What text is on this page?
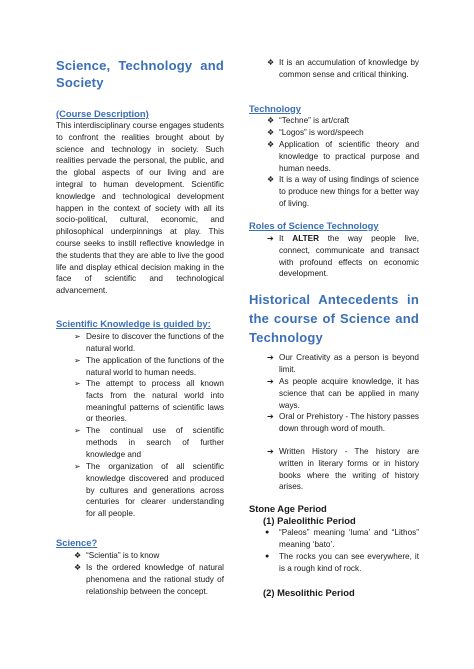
Science, Technology and Society
(Course Description)
This interdisciplinary course engages students to confront the realities brought about by science and technology in society. Such realities pervade the personal, the public, and the global aspects of our living and are integral to human development. Scientific knowledge and technological development happen in the context of society with all its socio-political, cultural, economic, and philosophical underpinnings at play. This course seeks to instill reflective knowledge in the students that they are able to live the good life and display ethical decision making in the face of scientific and technological advancement.
Scientific Knowledge is guided by:
➢ Desire to discover the functions of the natural world.
➢ The application of the functions of the natural world to human needs.
➢ The attempt to process all known facts from the natural world into meaningful patterns of scientific laws or theories.
➢ The continual use of scientific methods in search of further knowledge and
➢ The organization of all scientific knowledge discovered and produced by cultures and generations across centuries for clearer understanding for all people.
Science?
❖ “Scientia” is to know
❖ Is the ordered knowledge of natural phenomena and the rational study of relationship between the concept.
❖ It is an accumulation of knowledge by common sense and critical thinking.
Technology
❖ “Techne” is art/craft
❖ “Logos” is word/speech
❖ Application of scientific theory and knowledge to practical purpose and human needs.
❖ It is a way of using findings of science to produce new things for a better way of living.
Roles of Science Technology
➔ It ALTER the way people live, connect, communicate and transact with profound effects on economic development.
Historical Antecedents in the course of Science and Technology
➔ Our Creativity as a person is beyond limit.
➔ As people acquire knowledge, it has science that can be applied in many ways.
➔ Oral or Prehistory - The history passes down through word of mouth.
➔ Written History - The history are written in literary forms or in history books where the writing of history arises.
Stone Age Period
(1) Paleolithic Period
●	“Paleos” meaning ‘luma’ and “Lithos” meaning ‘bato’.
●	The rocks you can see everywhere, it is a rough kind of rock.
(2) Mesolithic Period
